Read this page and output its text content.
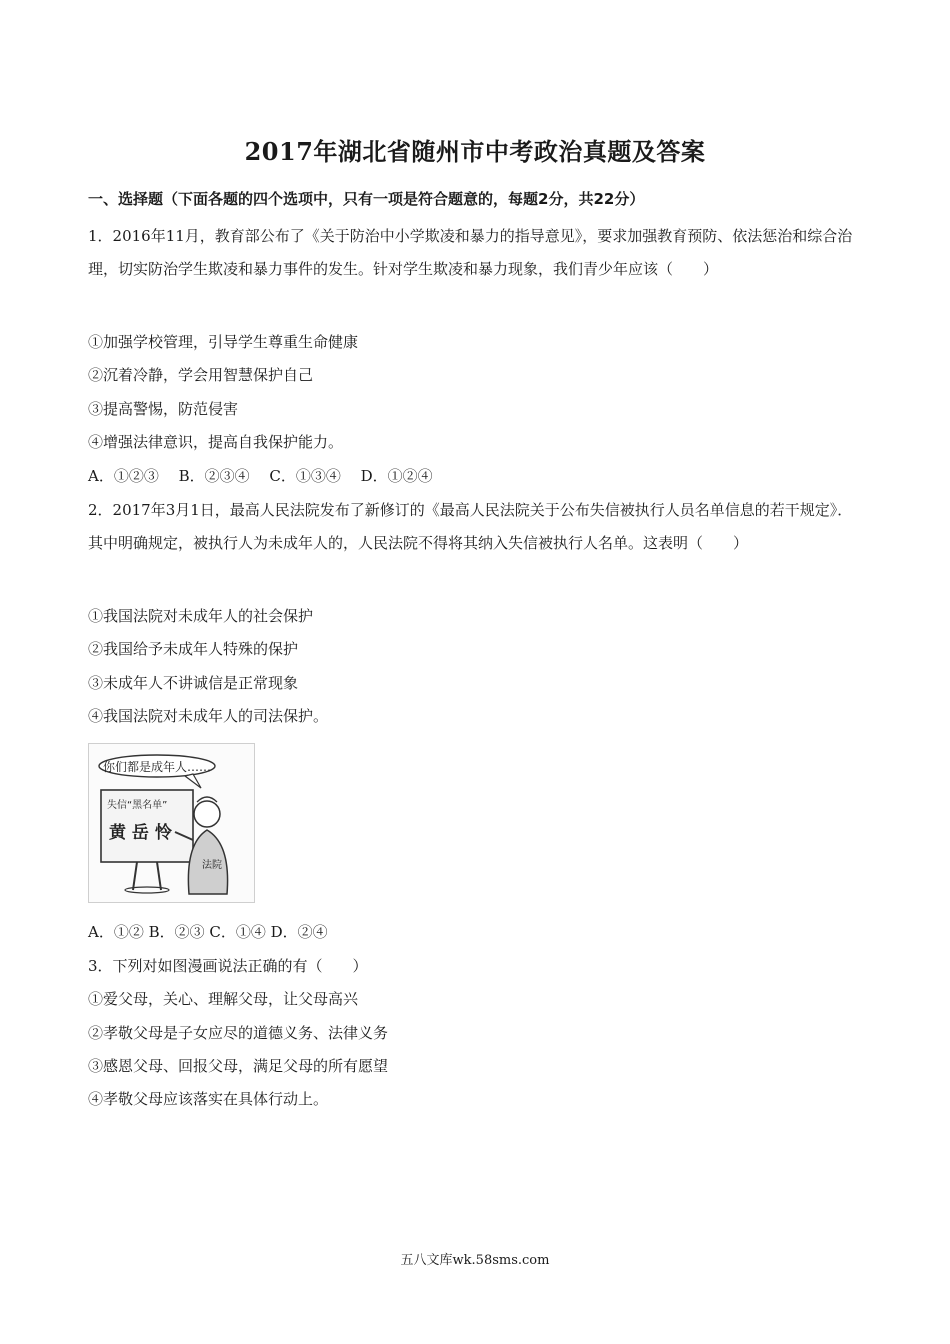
2017年湖北省随州市中考政治真题及答案
一、选择题（下面各题的四个选项中，只有一项是符合题意的，每题2分，共22分）
1．2016年11月，教育部公布了《关于防治中小学欺凌和暴力的指导意见》，要求加强教育预防、依法惩治和综合治理，切实防治学生欺凌和暴力事件的发生。针对学生欺凌和暴力现象，我们青少年应该（　　）
①加强学校管理，引导学生尊重生命健康
②沉着冷静，学会用智慧保护自己
③提高警惕，防范侵害
④增强法律意识，提高自我保护能力。
A．①②③　 B．②③④　 C．①③④　 D．①②④
2．2017年3月1日，最高人民法院发布了新修订的《最高人民法院关于公布失信被执行人员名单信息的若干规定》．其中明确规定，被执行人为未成年人的，人民法院不得将其纳入失信被执行人名单。这表明（　　）
①我国法院对未成年人的社会保护
②我国给予未成年人特殊的保护
③未成年人不讲诚信是正常现象
④我国法院对未成年人的司法保护。
你们都是成年人……
失信“黑名单”
黄 岳 怜
法院
A．①② B．②③ C．①④ D．②④
3．下列对如图漫画说法正确的有（　　）
①爱父母，关心、理解父母，让父母高兴
②孝敬父母是子女应尽的道德义务、法律义务
③感恩父母、回报父母，满足父母的所有愿望
④孝敬父母应该落实在具体行动上。
五八文库wk.58sms.com
